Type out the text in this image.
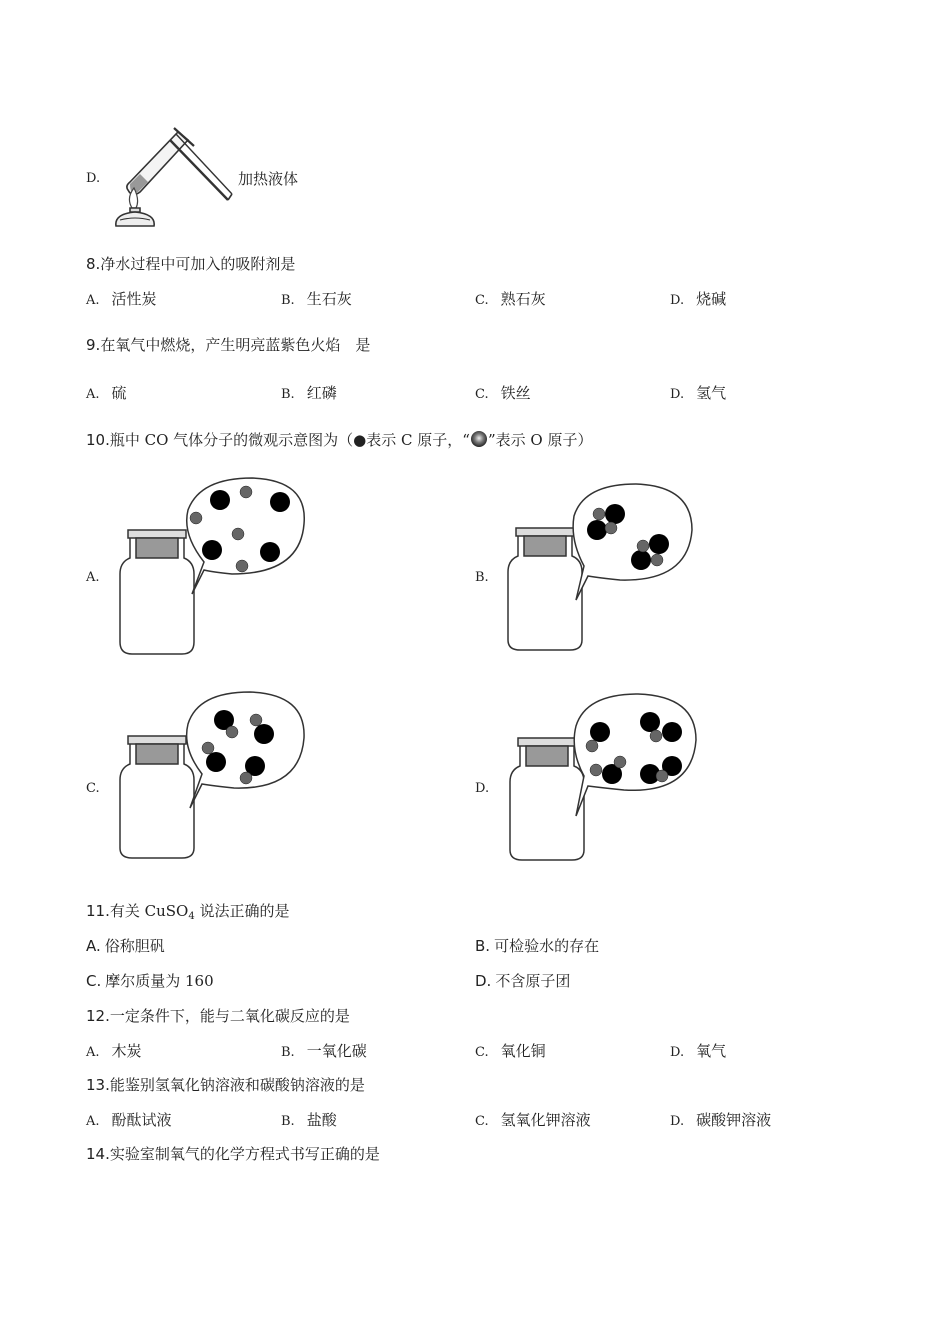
D.	加热液体
8.净水过程中可加入的吸附剂是
A. 活性炭	B. 生石灰	C. 熟石灰	D. 烧碱
9.在氧气中燃烧，产生明亮蓝紫色火焰　是
A. 硫	B. 红磷	C. 铁丝	D. 氢气
10.瓶中 CO 气体分子的微观示意图为（●表示 C 原子，“ ”表示 O 原子）
A.	B.
C.	D.
11.有关 CuSO$_4$ 说法正确的是
A. 俗称胆矾	B. 可检验水的存在
C. 摩尔质量为 160	D. 不含原子团
12.一定条件下，能与二氧化碳反应的是
A. 木炭	B. 一氧化碳	C. 氧化铜	D. 氧气
13.能鉴别氢氧化钠溶液和碳酸钠溶液的是
A. 酚酞试液	B. 盐酸	C. 氢氧化钾溶液	D. 碳酸钾溶液
14.实验室制氧气的化学方程式书写正确的是
